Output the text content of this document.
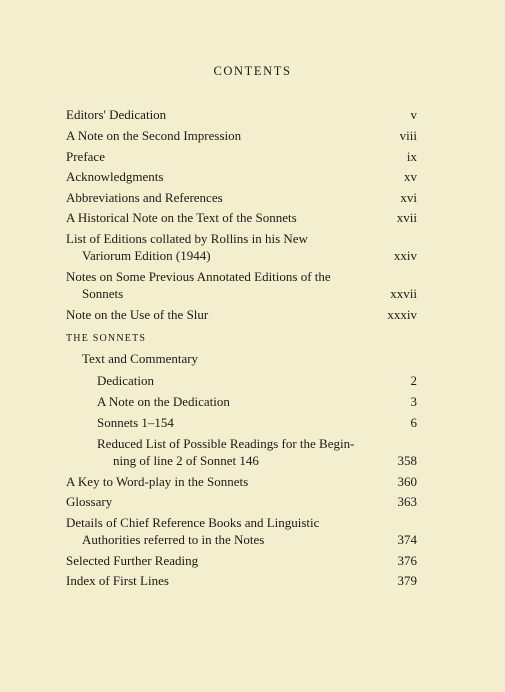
CONTENTS
Editors' Dedication	v
A Note on the Second Impression	viii
Preface	ix
Acknowledgments	xv
Abbreviations and References	xvi
A Historical Note on the Text of the Sonnets	xvii
List of Editions collated by Rollins in his New
Variorum Edition (1944)	xxiv
Notes on Some Previous Annotated Editions of the
Sonnets	xxvii
Note on the Use of the Slur	xxxiv
THE SONNETS
Text and Commentary
Dedication	2
A Note on the Dedication	3
Sonnets 1–154	6
Reduced List of Possible Readings for the Begin-
ning of line 2 of Sonnet 146	358
A Key to Word-play in the Sonnets	360
Glossary	363
Details of Chief Reference Books and Linguistic
Authorities referred to in the Notes	374
Selected Further Reading	376
Index of First Lines	379
